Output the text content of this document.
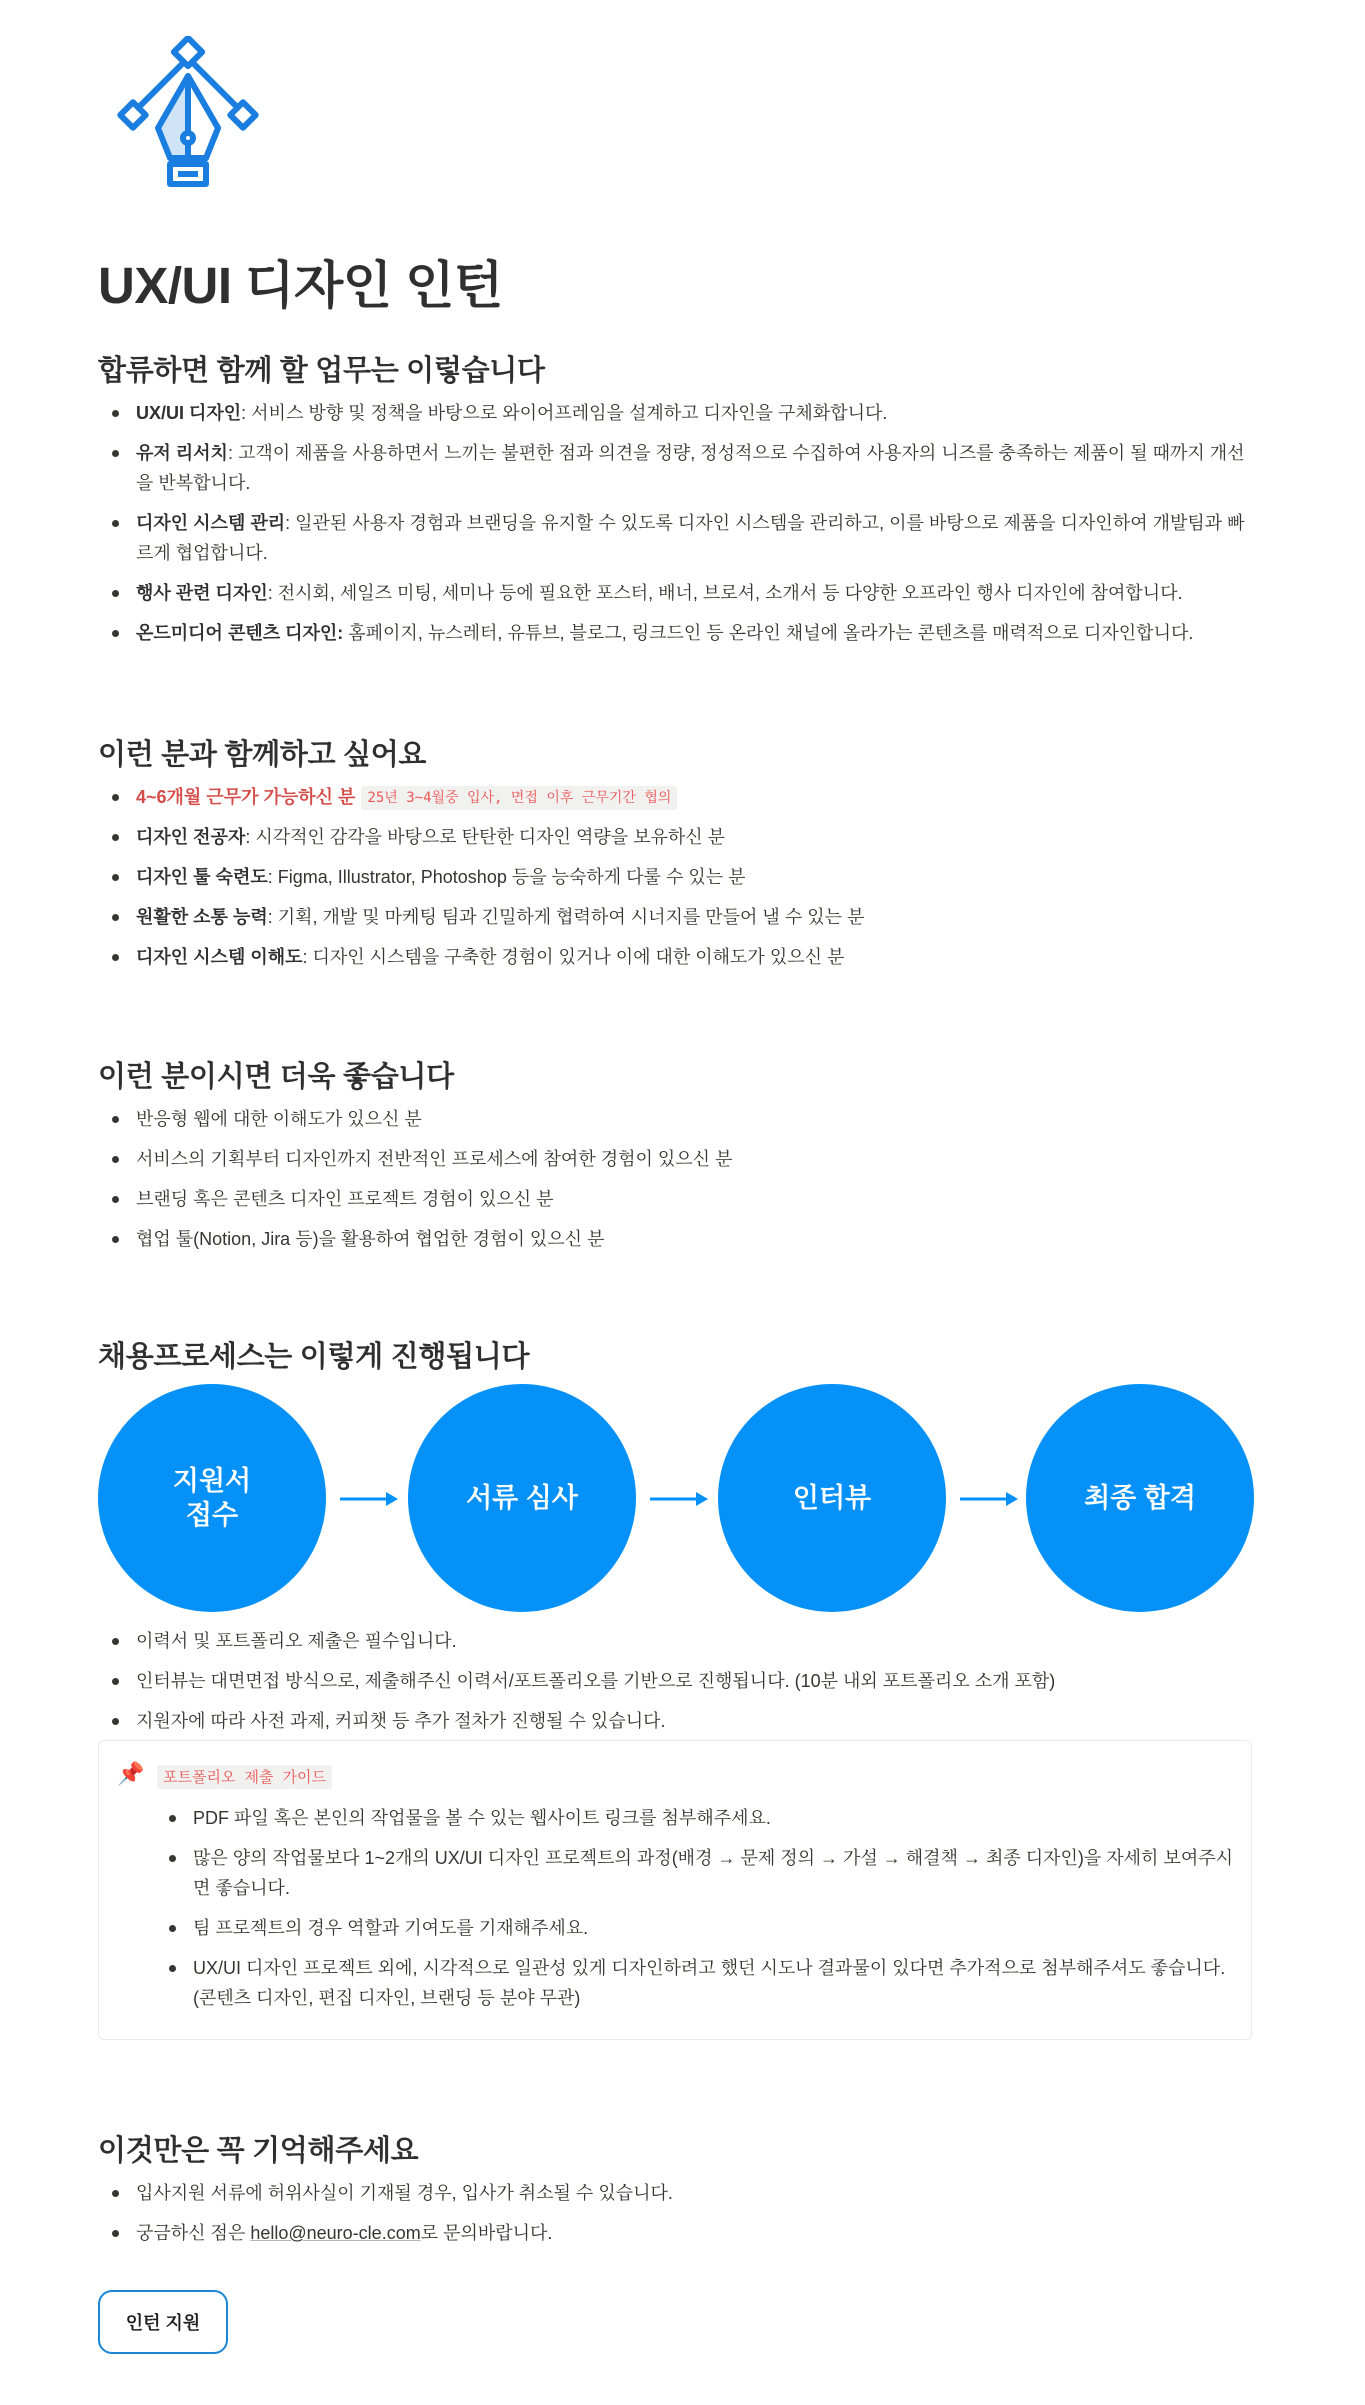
UX/UI 디자인 인턴
합류하면 함께 할 업무는 이렇습니다
UX/UI 디자인: 서비스 방향 및 정책을 바탕으로 와이어프레임을 설계하고 디자인을 구체화합니다.
유저 리서치: 고객이 제품을 사용하면서 느끼는 불편한 점과 의견을 정량, 정성적으로 수집하여 사용자의 니즈를 충족하는 제품이 될 때까지 개선을 반복합니다.
디자인 시스템 관리: 일관된 사용자 경험과 브랜딩을 유지할 수 있도록 디자인 시스템을 관리하고, 이를 바탕으로 제품을 디자인하여 개발팀과 빠르게 협업합니다.
행사 관련 디자인: 전시회, 세일즈 미팅, 세미나 등에 필요한 포스터, 배너, 브로셔, 소개서 등 다양한 오프라인 행사 디자인에 참여합니다.
온드미디어 콘텐츠 디자인: 홈페이지, 뉴스레터, 유튜브, 블로그, 링크드인 등 온라인 채널에 올라가는 콘텐츠를 매력적으로 디자인합니다.
이런 분과 함께하고 싶어요
4~6개월 근무가 가능하신 분 25년 3~4월중 입사, 면접 이후 근무기간 협의
디자인 전공자: 시각적인 감각을 바탕으로 탄탄한 디자인 역량을 보유하신 분
디자인 툴 숙련도: Figma, Illustrator, Photoshop 등을 능숙하게 다룰 수 있는 분
원활한 소통 능력: 기획, 개발 및 마케팅 팀과 긴밀하게 협력하여 시너지를 만들어 낼 수 있는 분
디자인 시스템 이해도: 디자인 시스템을 구축한 경험이 있거나 이에 대한 이해도가 있으신 분
이런 분이시면 더욱 좋습니다
반응형 웹에 대한 이해도가 있으신 분
서비스의 기획부터 디자인까지 전반적인 프로세스에 참여한 경험이 있으신 분
브랜딩 혹은 콘텐츠 디자인 프로젝트 경험이 있으신 분
협업 툴(Notion, Jira 등)을 활용하여 협업한 경험이 있으신 분
채용프로세스는 이렇게 진행됩니다
지원서
접수
서류 심사	인터뷰	최종 합격
이력서 및 포트폴리오 제출은 필수입니다.
인터뷰는 대면면접 방식으로, 제출해주신 이력서/포트폴리오를 기반으로 진행됩니다. (10분 내외 포트폴리오 소개 포함)
지원자에 따라 사전 과제, 커피챗 등 추가 절차가 진행될 수 있습니다.
📌	포트폴리오 제출 가이드
PDF 파일 혹은 본인의 작업물을 볼 수 있는 웹사이트 링크를 첨부해주세요.
많은 양의 작업물보다 1~2개의 UX/UI 디자인 프로젝트의 과정(배경 → 문제 정의 → 가설 → 해결책 → 최종 디자인)을 자세히 보여주시면 좋습니다.
팀 프로젝트의 경우 역할과 기여도를 기재해주세요.
UX/UI 디자인 프로젝트 외에, 시각적으로 일관성 있게 디자인하려고 했던 시도나 결과물이 있다면 추가적으로 첨부해주셔도 좋습니다. (콘텐츠 디자인, 편집 디자인, 브랜딩 등 분야 무관)
이것만은 꼭 기억해주세요
입사지원 서류에 허위사실이 기재될 경우, 입사가 취소될 수 있습니다.
궁금하신 점은 hello@neuro-cle.com로 문의바랍니다.
인턴 지원
